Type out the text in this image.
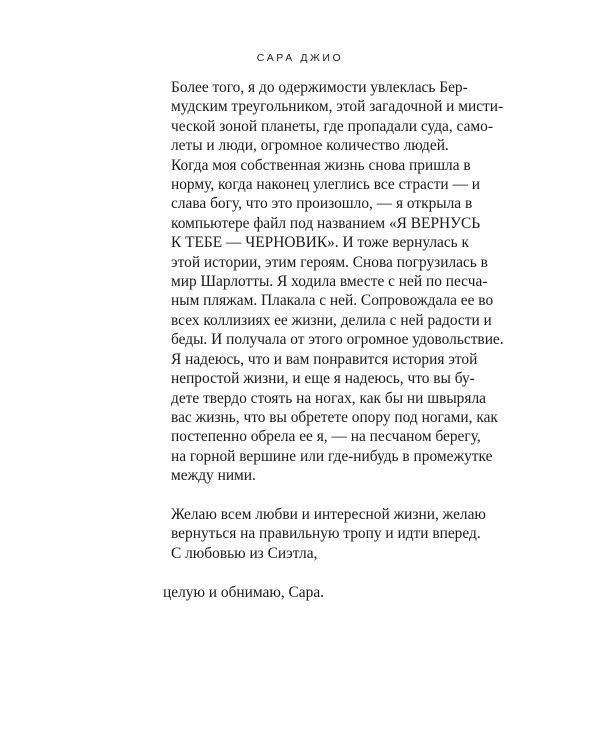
САРА ДЖИО

Более того, я до одержимости увлеклась Бер-
мудским треугольником, этой загадочной и мисти-
ческой зоной планеты, где пропадали суда, само-
леты и люди, огромное количество людей.

Когда моя собственная жизнь снова пришла в
норму, когда наконец улеглись все страсти — и
слава богу, что это произошло, — я открыла в
компьютере файл под названием «Я ВЕРНУСЬ
К ТЕБЕ — ЧЕРНОВИК». И тоже вернулась к
этой истории, этим героям. Снова погрузилась в
мир Шарлотты. Я ходила вместе с ней по песча-
ным пляжам. Плакала с ней. Сопровождала ее во
всех коллизиях ее жизни, делила с ней радости и
беды. И получала от этого огромное удовольствие.

Я надеюсь, что и вам понравится история этой
непростой жизни, и еще я надеюсь, что вы бу-
дете твердо стоять на ногах, как бы ни швыряла
вас жизнь, что вы обретете опору под ногами, как
постепенно обрела ее я, — на песчаном берегу,
на горной вершине или где-нибудь в промежутке
между ними.

Желаю всем любви и интересной жизни, желаю
вернуться на правильную тропу и идти вперед.

С любовью из Сиэтла,

целую и обнимаю, Сара.
